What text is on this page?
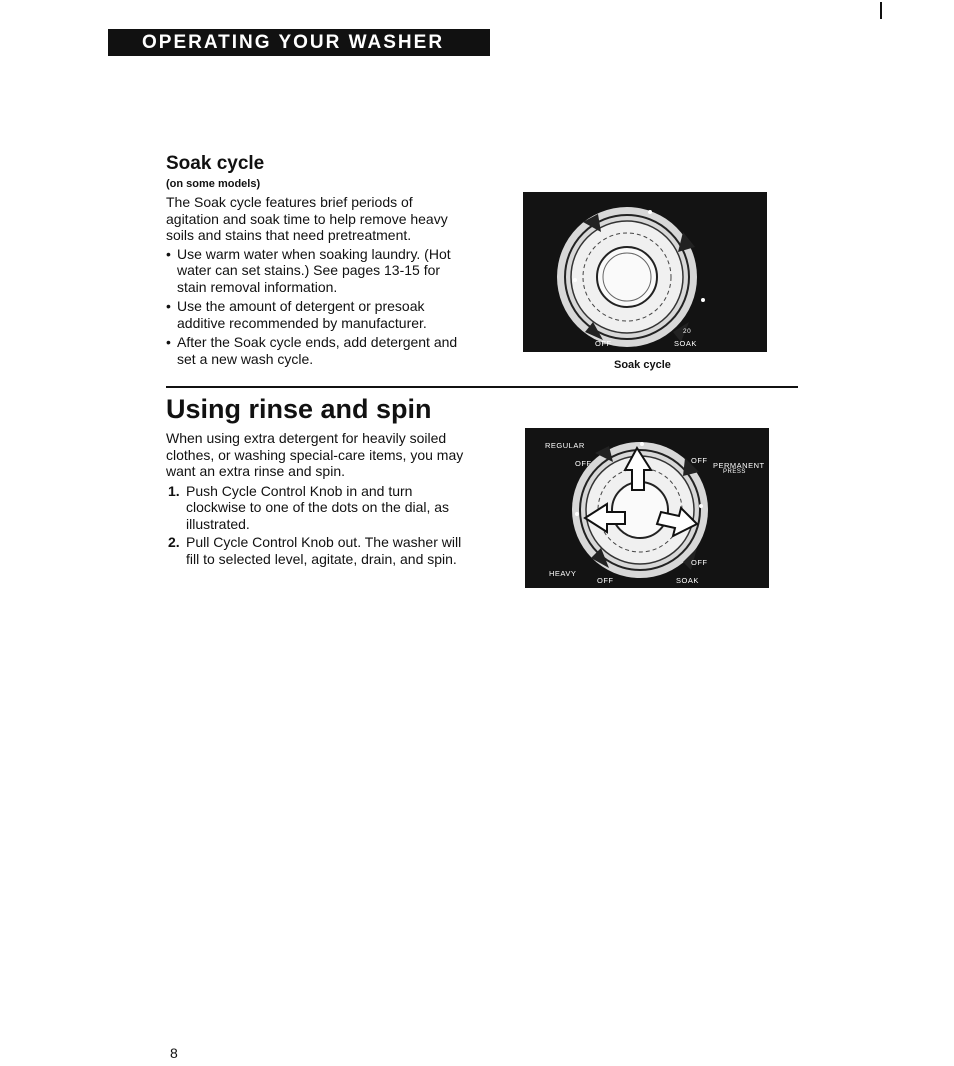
OPERATING YOUR WASHER
Soak cycle
(on some models)

The Soak cycle features brief periods of agitation and soak time to help remove heavy soils and stains that need pretreatment.

• Use warm water when soaking laundry. (Hot water can set stains.) See pages 13-15 for stain removal information.
• Use the amount of detergent or presoak additive recommended by manufacturer.
• After the Soak cycle ends, add detergent and set a new wash cycle.
OFF	SOAK
20
Soak cycle
Using rinse and spin

When using extra detergent for heavily soiled clothes, or washing special-care items, you may want an extra rinse and spin.

1. Push Cycle Control Knob in and turn clockwise to one of the dots on the dial, as illustrated.
2. Pull Cycle Control Knob out. The washer will fill to selected level, agitate, drain, and spin.
REGULAR
OFF	OFF
PERMANENT
PRESS
OFF
HEAVY
OFF	SOAK
8
